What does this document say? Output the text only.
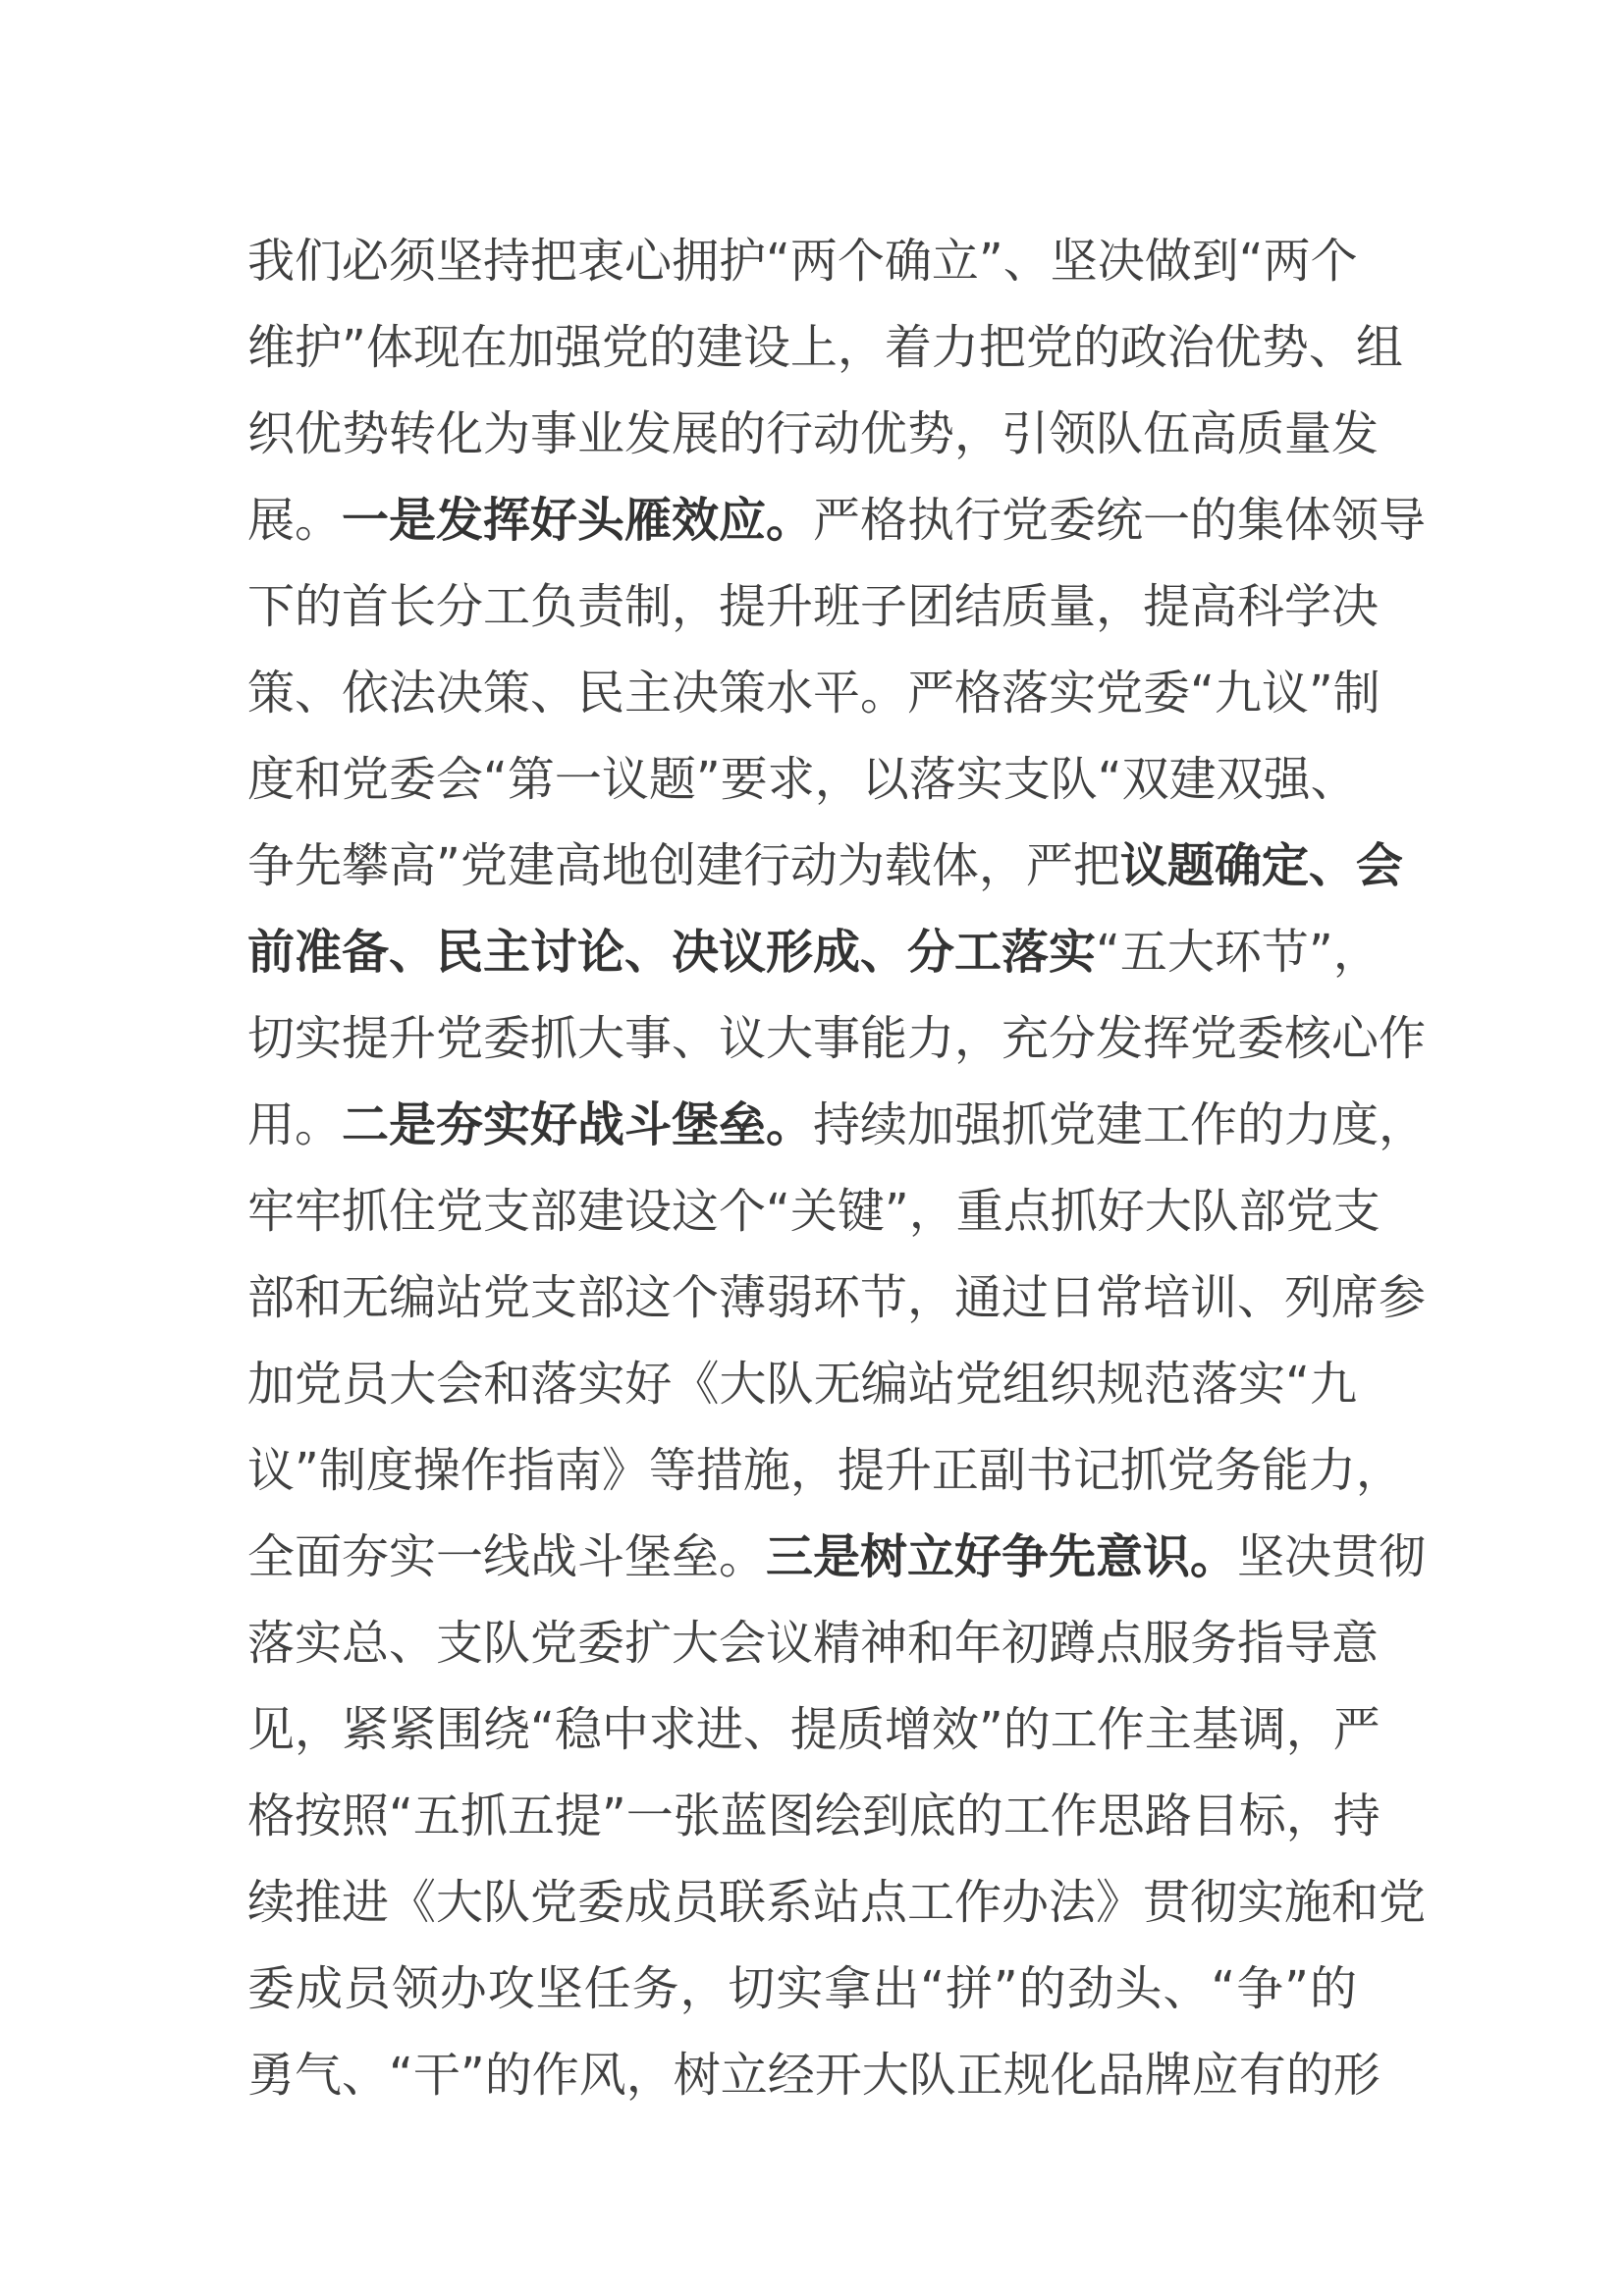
我们必须坚持把衷心拥护“两个确立”、坚决做到“两个
维护”体现在加强党的建设上，着力把党的政治优势、组
织优势转化为事业发展的行动优势，引领队伍高质量发
展。一是发挥好头雁效应。严格执行党委统一的集体领导
下的首长分工负责制，提升班子团结质量，提高科学决
策、依法决策、民主决策水平。严格落实党委“九议”制
度和党委会“第一议题”要求，以落实支队“双建双强、
争先攀高”党建高地创建行动为载体，严把议题确定、会
前准备、民主讨论、决议形成、分工落实“五大环节”，
切实提升党委抓大事、议大事能力，充分发挥党委核心作
用。二是夯实好战斗堡垒。持续加强抓党建工作的力度，
牢牢抓住党支部建设这个“关键”，重点抓好大队部党支
部和无编站党支部这个薄弱环节，通过日常培训、列席参
加党员大会和落实好《大队无编站党组织规范落实“九
议”制度操作指南》等措施，提升正副书记抓党务能力，
全面夯实一线战斗堡垒。三是树立好争先意识。坚决贯彻
落实总、支队党委扩大会议精神和年初蹲点服务指导意
见，紧紧围绕“稳中求进、提质增效”的工作主基调，严
格按照“五抓五提”一张蓝图绘到底的工作思路目标，持
续推进《大队党委成员联系站点工作办法》贯彻实施和党
委成员领办攻坚任务，切实拿出“拼”的劲头、“争”的
勇气、“干”的作风，树立经开大队正规化品牌应有的形
